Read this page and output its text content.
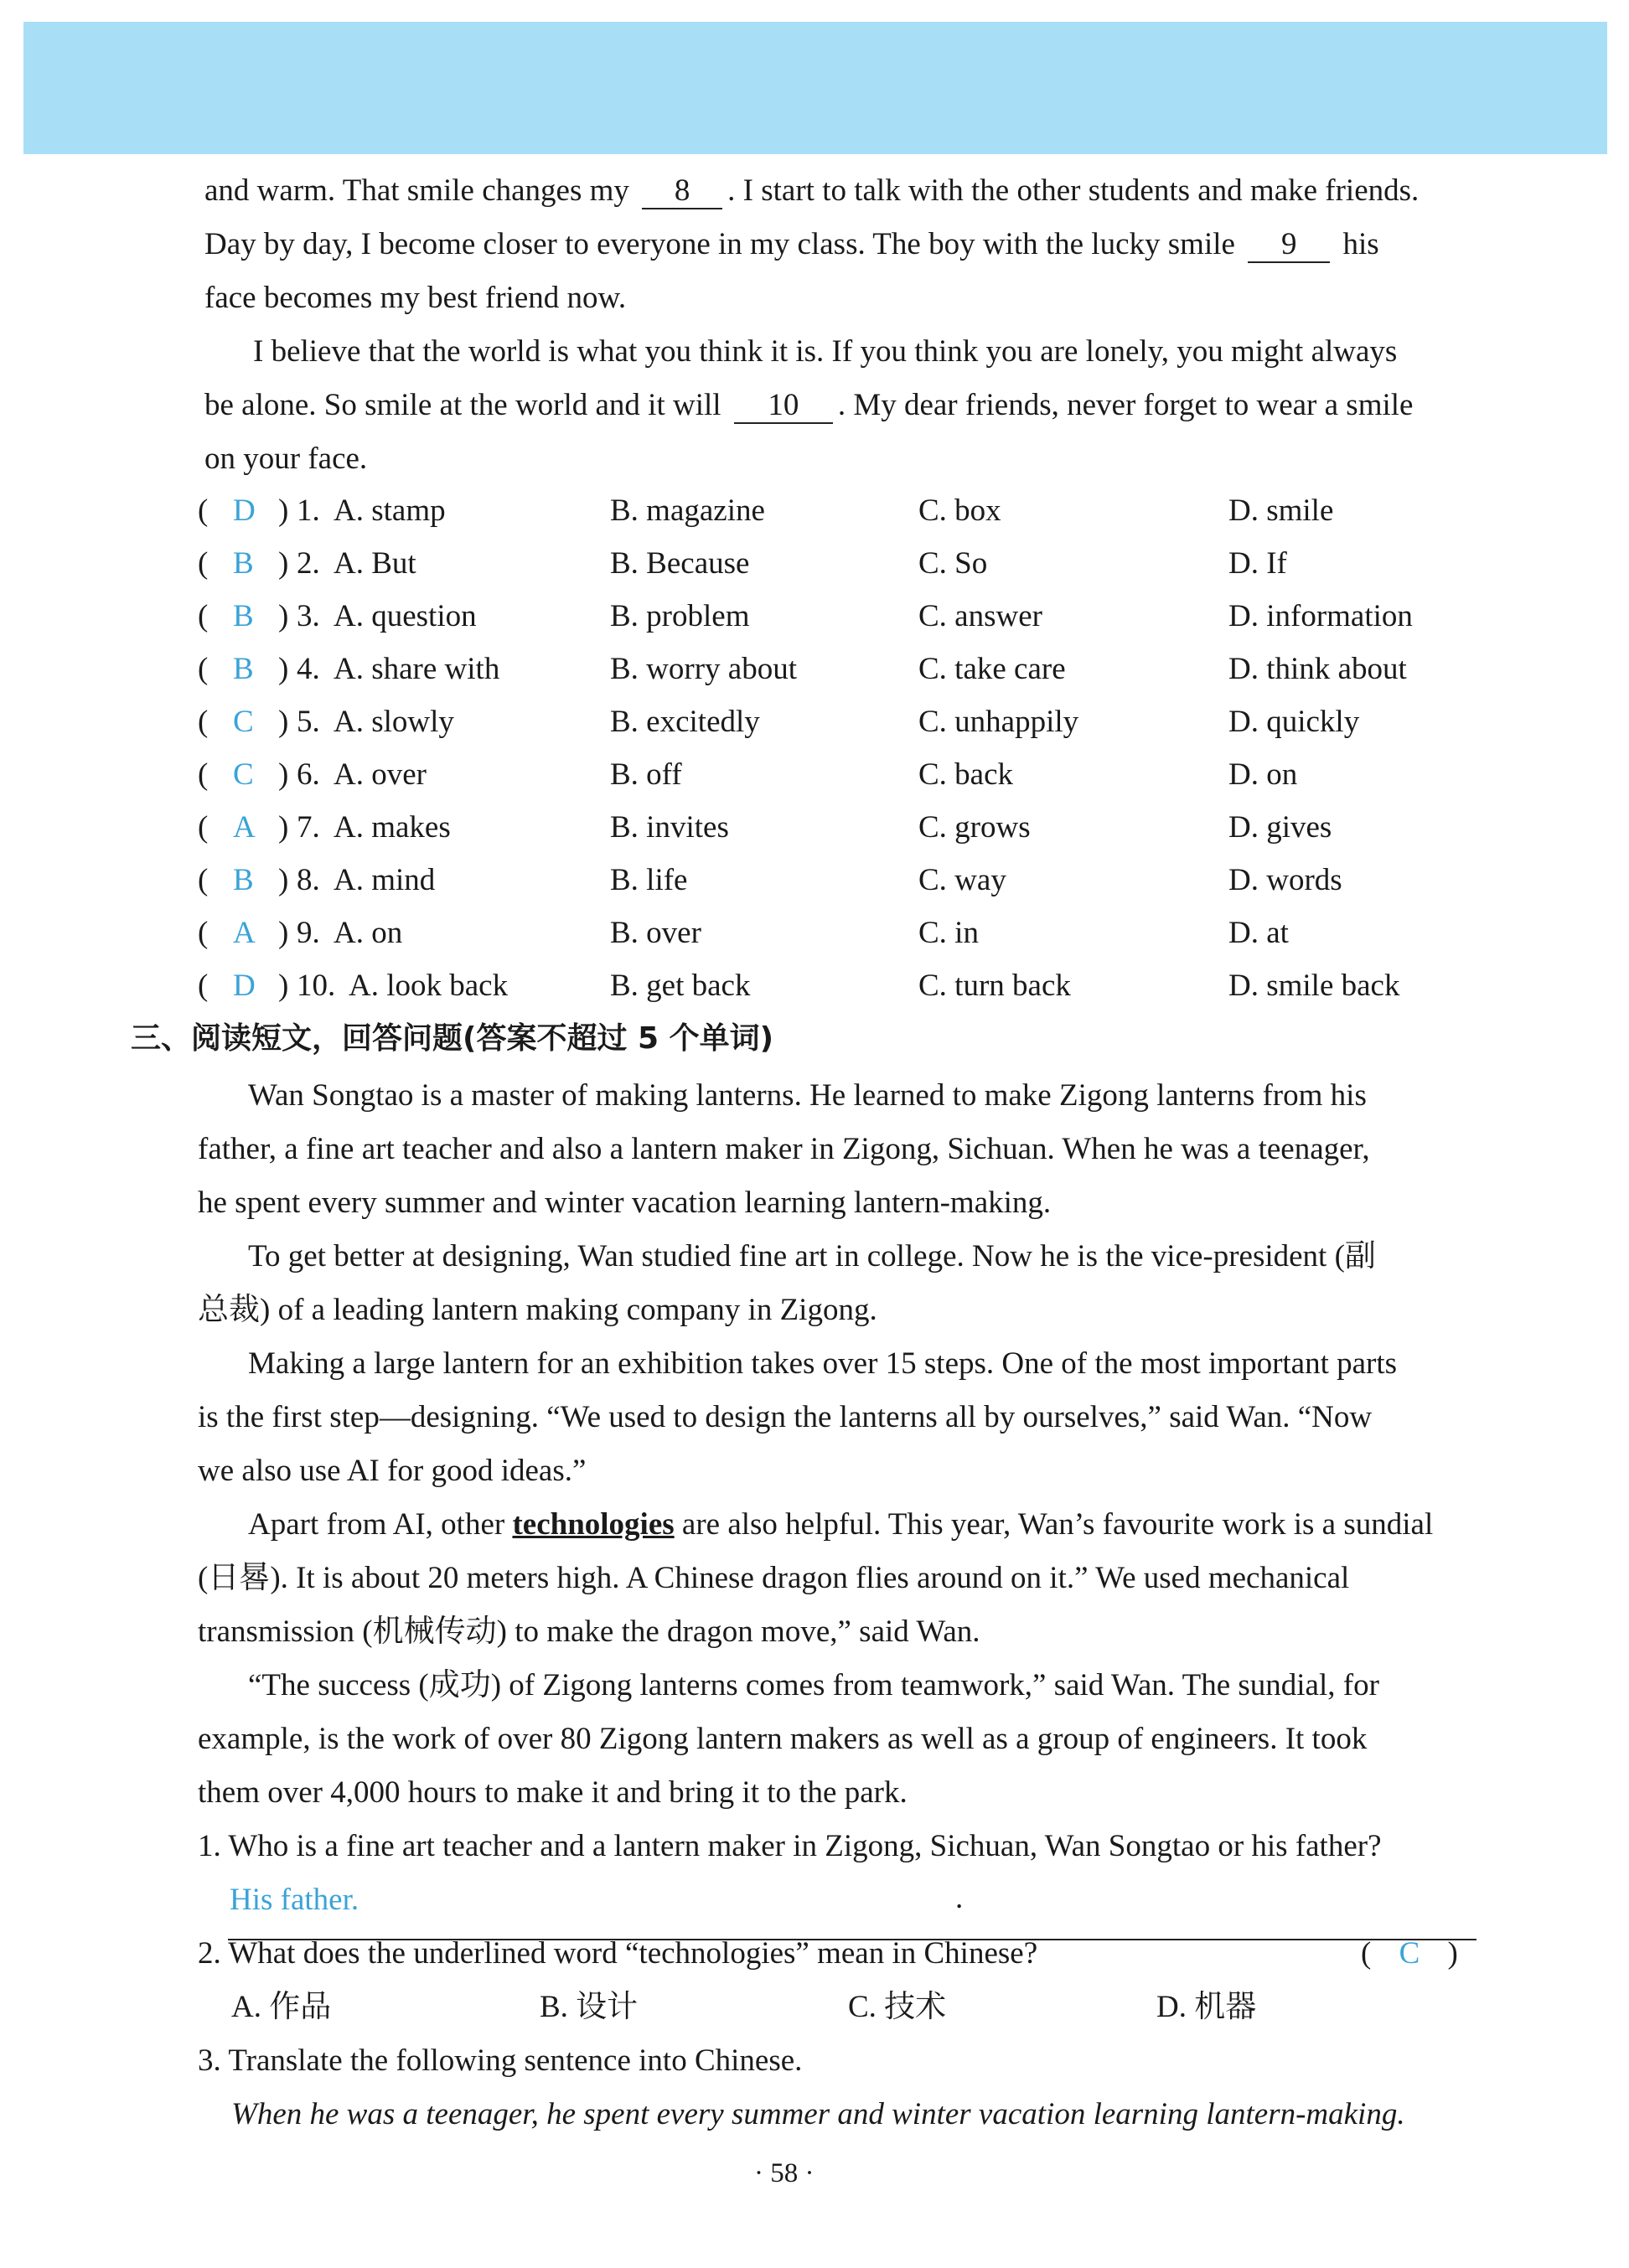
and warm. That smile changes my 8 . I start to talk with the other students and make friends.
Day by day, I become closer to everyone in my class. The boy with the lucky smile 9 his
face becomes my best friend now.
I believe that the world is what you think it is. If you think you are lonely, you might always
be alone. So smile at the world and it will 10 . My dear friends, never forget to wear a smile
on your face.
( D ) 1. A. stamp	B. magazine	C. box	D. smile
( B ) 2. A. But	B. Because	C. So	D. If
( B ) 3. A. question	B. problem	C. answer	D. information
( B ) 4. A. share with	B. worry about	C. take care	D. think about
( C ) 5. A. slowly	B. excitedly	C. unhappily	D. quickly
( C ) 6. A. over	B. off	C. back	D. on
( A ) 7. A. makes	B. invites	C. grows	D. gives
( B ) 8. A. mind	B. life	C. way	D. words
( A ) 9. A. on	B. over	C. in	D. at
( D ) 10. A. look back	B. get back	C. turn back	D. smile back
三、阅读短文，回答问题(答案不超过 5 个单词)
Wan Songtao is a master of making lanterns. He learned to make Zigong lanterns from his
father, a fine art teacher and also a lantern maker in Zigong, Sichuan. When he was a teenager,
he spent every summer and winter vacation learning lantern-making.
To get better at designing, Wan studied fine art in college. Now he is the vice-president (副
总裁) of a leading lantern making company in Zigong.
Making a large lantern for an exhibition takes over 15 steps. One of the most important parts
is the first step—designing. “We used to design the lanterns all by ourselves,” said Wan. “Now
we also use AI for good ideas.”
Apart from AI, other technologies are also helpful. This year, Wan’s favourite work is a sundial
(日晷). It is about 20 meters high. A Chinese dragon flies around on it.” We used mechanical
transmission (机械传动) to make the dragon move,” said Wan.
“The success (成功) of Zigong lanterns comes from teamwork,” said Wan. The sundial, for
example, is the work of over 80 Zigong lantern makers as well as a group of engineers. It took
them over 4,000 hours to make it and bring it to the park.
1. Who is a fine art teacher and a lantern maker in Zigong, Sichuan, Wan Songtao or his father?
His father.	.
2. What does the underlined word “technologies” mean in Chinese?	( C )
A. 作品	B. 设计	C. 技术	D. 机器
3. Translate the following sentence into Chinese.
When he was a teenager, he spent every summer and winter vacation learning lantern-making.
· 58 ·
